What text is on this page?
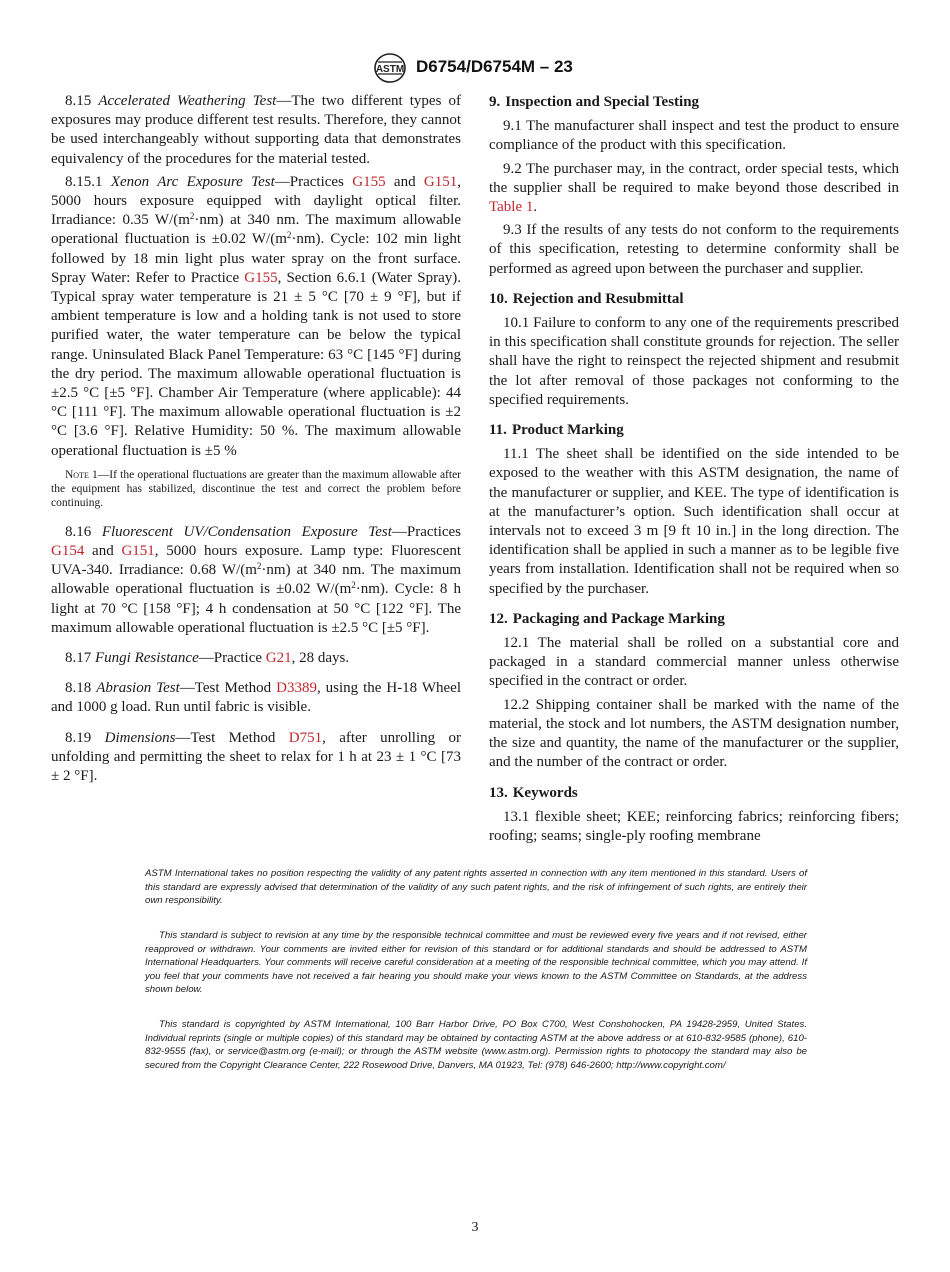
ASTM D6754/D6754M – 23

8.15 Accelerated Weathering Test—The two different types of exposures may produce different test results. Therefore, they cannot be used interchangeably without supporting data that demonstrates equivalency of the procedures for the material tested.

8.15.1 Xenon Arc Exposure Test—Practices G155 and G151, 5000 hours exposure equipped with daylight optical filter. Irradiance: 0.35 $W/(m^2\cdot nm)$ at 340 nm. The maximum allowable operational fluctuation is ±0.02 $W/(m^2\cdot nm)$. Cycle: 102 min light followed by 18 min light plus water spray on the front surface. Spray Water: Refer to Practice G155, Section 6.6.1 (Water Spray). Typical spray water temperature is 21 ± 5 °C [70 ± 9 °F], but if ambient temperature is low and a holding tank is not used to store purified water, the water temperature can be below the typical range. Uninsulated Black Panel Temperature: 63 °C [145 °F] during the dry period. The maximum allowable operational fluctuation is ±2.5 °C [±5 °F]. Chamber Air Temperature (where applicable): 44 °C [111 °F]. The maximum allowable operational fluctuation is ±2 °C [3.6 °F]. Relative Humidity: 50 %. The maximum allowable operational fluctuation is ±5 %

Note 1—If the operational fluctuations are greater than the maximum allowable after the equipment has stabilized, discontinue the test and correct the problem before continuing.

8.16 Fluorescent UV/Condensation Exposure Test—Practices G154 and G151, 5000 hours exposure. Lamp type: Fluorescent UVA-340. Irradiance: 0.68 $W/(m^2\cdot nm)$ at 340 nm. The maximum allowable operational fluctuation is ±0.02 $W/(m^2\cdot nm)$. Cycle: 8 h light at 70 °C [158 °F]; 4 h condensation at 50 °C [122 °F]. The maximum allowable operational fluctuation is ±2.5 °C [±5 °F].

8.17 Fungi Resistance—Practice G21, 28 days.

8.18 Abrasion Test—Test Method D3389, using the H-18 Wheel and 1000 g load. Run until fabric is visible.

8.19 Dimensions—Test Method D751, after unrolling or unfolding and permitting the sheet to relax for 1 h at 23 ± 1 °C [73 ± 2 °F].

9. Inspection and Special Testing

9.1 The manufacturer shall inspect and test the product to ensure compliance of the product with this specification.

9.2 The purchaser may, in the contract, order special tests, which the supplier shall be required to make beyond those described in Table 1.

9.3 If the results of any tests do not conform to the requirements of this specification, retesting to determine conformity shall be performed as agreed upon between the purchaser and supplier.

10. Rejection and Resubmittal

10.1 Failure to conform to any one of the requirements prescribed in this specification shall constitute grounds for rejection. The seller shall have the right to reinspect the rejected shipment and resubmit the lot after removal of those packages not conforming to the specified requirements.

11. Product Marking

11.1 The sheet shall be identified on the side intended to be exposed to the weather with this ASTM designation, the name of the manufacturer or supplier, and KEE. The type of identification is at the manufacturer’s option. Such identification shall occur at intervals not to exceed 3 m [9 ft 10 in.] in the long direction. The identification shall be applied in such a manner as to be legible five years from installation. Identification shall not be required when so specified by the purchaser.

12. Packaging and Package Marking

12.1 The material shall be rolled on a substantial core and packaged in a standard commercial manner unless otherwise specified in the contract or order.

12.2 Shipping container shall be marked with the name of the material, the stock and lot numbers, the ASTM designation number, the size and quantity, the name of the manufacturer or the supplier, and the number of the contract or order.

13. Keywords

13.1 flexible sheet; KEE; reinforcing fabrics; reinforcing fibers; roofing; seams; single-ply roofing membrane

ASTM International takes no position respecting the validity of any patent rights asserted in connection with any item mentioned in this standard. Users of this standard are expressly advised that determination of the validity of any such patent rights, and the risk of infringement of such rights, are entirely their own responsibility.

This standard is subject to revision at any time by the responsible technical committee and must be reviewed every five years and if not revised, either reapproved or withdrawn. Your comments are invited either for revision of this standard or for additional standards and should be addressed to ASTM International Headquarters. Your comments will receive careful consideration at a meeting of the responsible technical committee, which you may attend. If you feel that your comments have not received a fair hearing you should make your views known to the ASTM Committee on Standards, at the address shown below.

This standard is copyrighted by ASTM International, 100 Barr Harbor Drive, PO Box C700, West Conshohocken, PA 19428-2959, United States. Individual reprints (single or multiple copies) of this standard may be obtained by contacting ASTM at the above address or at 610-832-9585 (phone), 610-832-9555 (fax), or service@astm.org (e-mail); or through the ASTM website (www.astm.org). Permission rights to photocopy the standard may also be secured from the Copyright Clearance Center, 222 Rosewood Drive, Danvers, MA 01923, Tel: (978) 646-2600; http://www.copyright.com/

3
